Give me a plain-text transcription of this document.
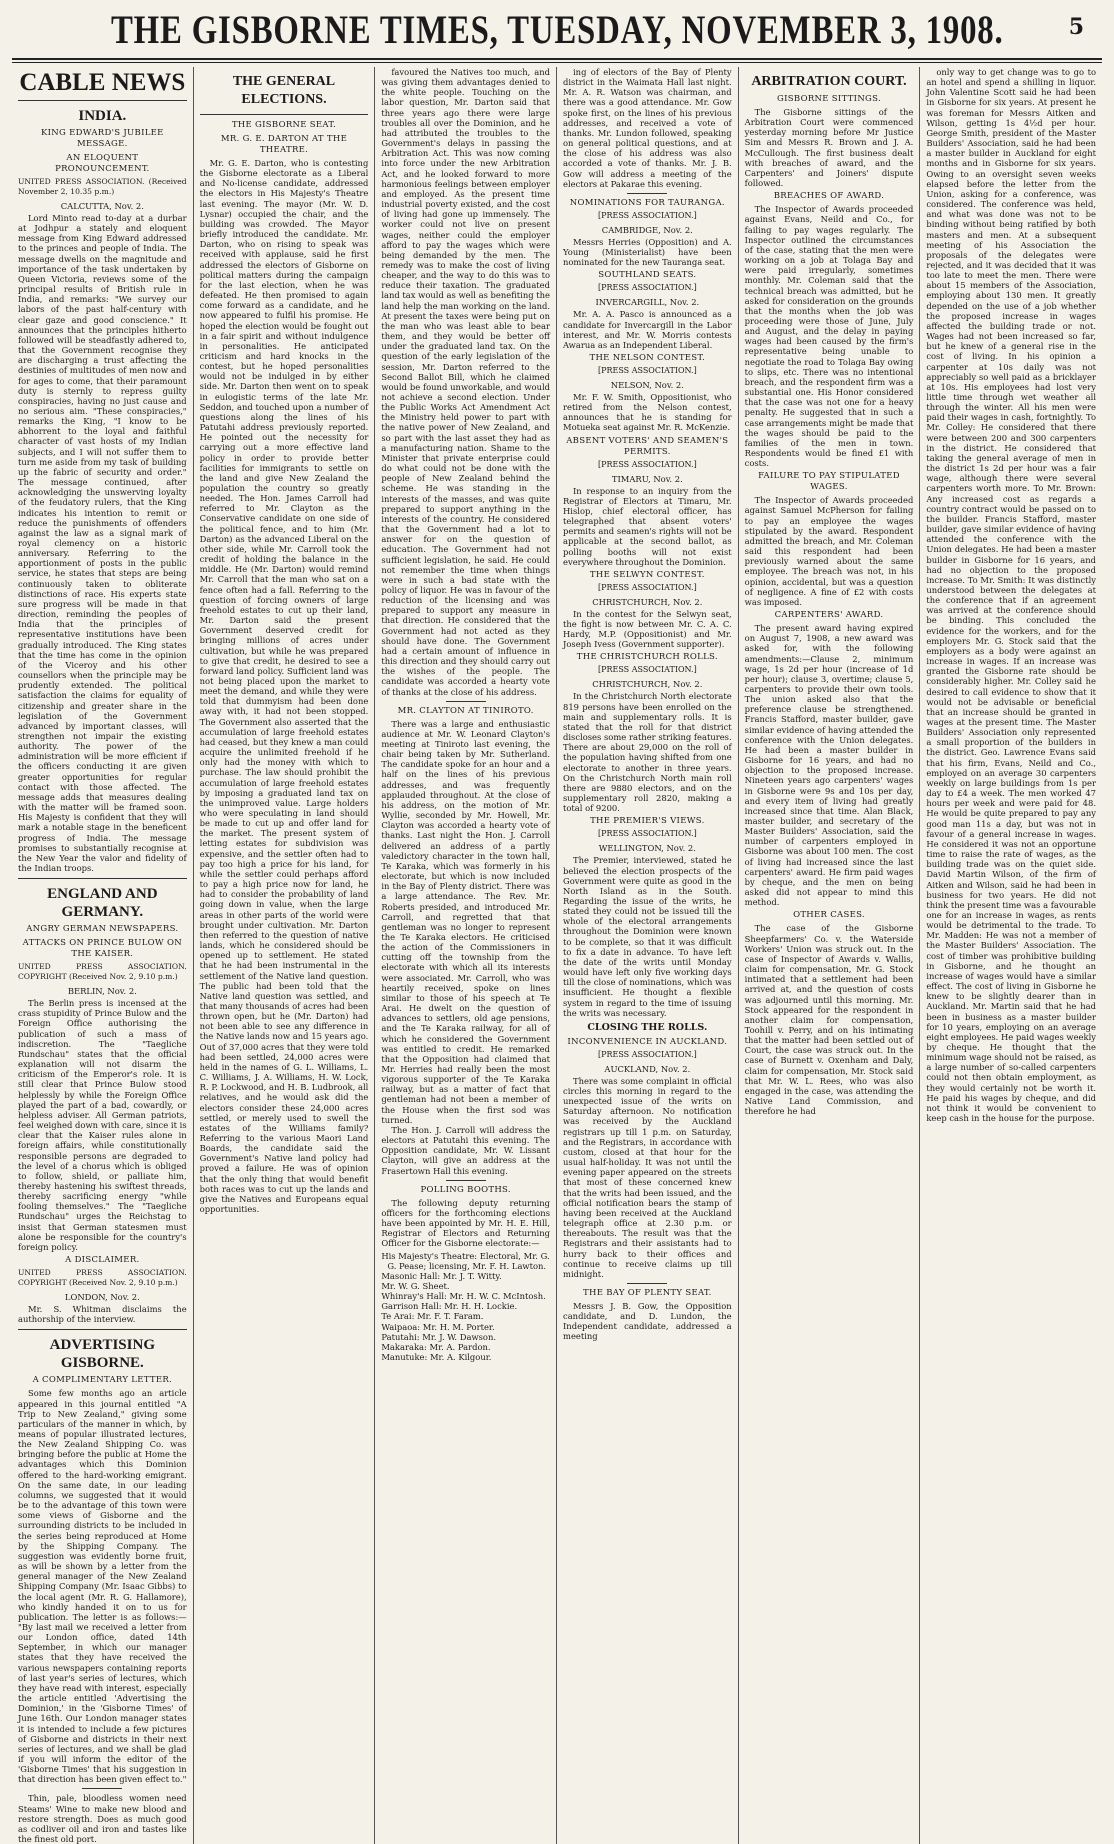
THE GISBORNE TIMES, TUESDAY, NOVEMBER 3, 1908.	5
CABLE NEWS
INDIA.
KING EDWARD'S JUBILEE MESSAGE.
AN ELOQUENT PRONOUNCEMENT.

UNITED PRESS ASSOCIATION. (Received November 2, 10.35 p.m.)

CALCUTTA, Nov. 2.

Lord Minto read to-day at a durbar at Jodhpur a stately and eloquent message from King Edward addressed to the princes and people of India. The message dwells on the magnitude and importance of the task undertaken by Queen Victoria, reviews some of the principal results of British rule in India, and remarks: "We survey our labors of the past half-century with clear gaze and good conscience." It announces that the principles hitherto followed will be steadfastly adhered to, that the Government recognise they are discharging a trust affecting the destinies of multitudes of men now and for ages to come, that their paramount duty is sternly to repress guilty conspiracies, having no just cause and no serious aim. "These conspiracies," remarks the King, "I know to be abhorrent to the loyal and faithful character of vast hosts of my Indian subjects, and I will not suffer them to turn me aside from my task of building up the fabric of security and order." The message continued, after acknowledging the unswerving loyalty of the feudatory rulers, that the King indicates his intention to remit or reduce the punishments of offenders against the law as a signal mark of royal clemency on a historic anniversary. Referring to the apportionment of posts in the public service, he states that steps are being continuously taken to obliterate distinctions of race. His experts state sure progress will be made in that direction, reminding the peoples of India that the principles of representative institutions have been gradually introduced. The King states that the time has come in the opinion of the Viceroy and his other counsellors when the principle may be prudently extended. The political satisfaction the claims for equality of citizenship and greater share in the legislation of the Government advanced by important classes, will strengthen not impair the existing authority. The power of the administration will be more efficient if the officers conducting it are given greater opportunities for regular contact with those affected. The message adds that measures dealing with the matter will be framed soon. His Majesty is confident that they will mark a notable stage in the beneficent progress of India. The message promises to substantially recognise at the New Year the valor and fidelity of the Indian troops.

ENGLAND AND GERMANY.
ANGRY GERMAN NEWSPAPERS.
ATTACKS ON PRINCE BULOW ON THE KAISER.

UNITED PRESS ASSOCIATION. COPYRIGHT (Received Nov. 2, 9.10 p.m.)

BERLIN, Nov. 2.

The Berlin press is incensed at the crass stupidity of Prince Bulow and the Foreign Office authorising the publication of such a mass of indiscretion. The "Taegliche Rundschau" states that the official explanation will not disarm the criticism of the Emperor's role. It is still clear that Prince Bulow stood helplessly by while the Foreign Office played the part of a bad, cowardly, or helpless adviser. All German patriots, feel weighed down with care, since it is clear that the Kaiser rules alone in foreign affairs, while constitutionally responsible persons are degraded to the level of a chorus which is obliged to follow, shield, or palliate him, thereby hastening his swiftest threads, thereby sacrificing energy "while fooling themselves." The "Taegliche Rundschau" urges the Reichstag to insist that German statesmen must alone be responsible for the country's foreign policy.

A DISCLAIMER.

UNITED PRESS ASSOCIATION. COPYRIGHT (Received Nov. 2, 9.10 p.m.)

LONDON, Nov. 2.

Mr. S. Whitman disclaims the authorship of the interview.

ADVERTISING GISBORNE.
A COMPLIMENTARY LETTER.

Some few months ago an article appeared in this journal entitled "A Trip to New Zealand," giving some particulars of the manner in which, by means of popular illustrated lectures, the New Zealand Shipping Co. was bringing before the public at Home the advantages which this Dominion offered to the hard-working emigrant. On the same date, in our leading columns, we suggested that it would be to the advantage of this town were some views of Gisborne and the surrounding districts to be included in the series being reproduced at Home by the Shipping Company. The suggestion was evidently borne fruit, as will be shown by a letter from the general manager of the New Zealand Shipping Company (Mr. Isaac Gibbs) to the local agent (Mr. R. G. Hallamore), who kindly handed it on to us for publication. The letter is as follows:— "By last mail we received a letter from our London office, dated 14th September, in which our manager states that they have received the various newspapers containing reports of last year's series of lectures, which they have read with interest, especially the article entitled 'Advertising the Dominion,' in the 'Gisborne Times' of June 16th. Our London manager states it is intended to include a few pictures of Gisborne and districts in their next series of lectures, and we shall be glad if you will inform the editor of the 'Gisborne Times' that his suggestion in that direction has been given effect to."

Thin, pale, bloodless women need Steams' Wine to make new blood and restore strength. Does as much good as codliver oil and iron and tastes like the finest old port.

THE GENERAL ELECTIONS.
THE GISBORNE SEAT.
MR. G. E. DARTON AT THE THEATRE.

Mr. G. E. Darton, who is contesting the Gisborne electorate as a Liberal and No-license candidate, addressed the electors in His Majesty's Theatre last evening. The mayor (Mr. W. D. Lysnar) occupied the chair, and the building was crowded. The Mayor briefly introduced the candidate. Mr. Darton, who on rising to speak was received with applause, said he first addressed the electors of Gisborne on political matters during the campaign for the last election, when he was defeated. He then promised to again come forward as a candidate, and he now appeared to fulfil his promise. He hoped the election would be fought out in a fair spirit and without indulgence in personalities. He anticipated criticism and hard knocks in the contest, but he hoped personalities would not be indulged in by either side. Mr. Darton then went on to speak in eulogistic terms of the late Mr. Seddon, and touched upon a number of questions along the lines of his Patutahi address previously reported. He pointed out the necessity for carrying out a more effective land policy in order to provide better facilities for immigrants to settle on the land and give New Zealand the population the country so greatly needed. The Hon. James Carroll had referred to Mr. Clayton as the Conservative candidate on one side of the political fence, and to him (Mr. Darton) as the advanced Liberal on the other side, while Mr. Carroll took the credit of holding the balance in the middle. He (Mr. Darton) would remind Mr. Carroll that the man who sat on a fence often had a fall. Referring to the question of forcing owners of large freehold estates to cut up their land, Mr. Darton said the present Government deserved credit for bringing millions of acres under cultivation, but while he was prepared to give that credit, he desired to see a forward land policy. Sufficient land was not being placed upon the market to meet the demand, and while they were told that dummyism had been done away with, it had not been stopped. The Government also asserted that the accumulation of large freehold estates had ceased, but they knew a man could acquire the unlimited freehold if he only had the money with which to purchase. The law should prohibit the accumulation of large freehold estates by imposing a graduated land tax on the unimproved value. Large holders who were speculating in land should be made to cut up and offer land for the market. The present system of letting estates for subdivision was expensive, and the settler often had to pay too high a price for his land, for while the settler could perhaps afford to pay a high price now for land, he had to consider the probability of land going down in value, when the large areas in other parts of the world were brought under cultivation. Mr. Darton then referred to the question of native lands, which he considered should be opened up to settlement. He stated that he had been instrumental in the settlement of the Native land question. The public had been told that the Native land question was settled, and that many thousands of acres had been thrown open, but he (Mr. Darton) had not been able to see any difference in the Native lands now and 15 years ago. Out of 37,000 acres that they were told had been settled, 24,000 acres were held in the names of G. L. Williams, L. C. Williams, J. A. Williams, H. W. Lock, R. P. Lockwood, and H. B. Ludbrook, all relatives, and he would ask did the electors consider these 24,000 acres settled, or merely used to swell the estates of the Williams family? Referring to the various Maori Land Boards, the candidate said the Government's Native land policy had proved a failure. He was of opinion that the only thing that would benefit both races was to cut up the lands and give the Natives and Europeans equal opportunities.

favoured the Natives too much, and was giving them advantages denied to the white people. Touching on the labor question, Mr. Darton said that three years ago there were large troubles all over the Dominion, and he had attributed the troubles to the Government's delays in passing the Arbitration Act. This was now coming into force under the new Arbitration Act, and he looked forward to more harmonious feelings between employer and employed. As the present time industrial poverty existed, and the cost of living had gone up immensely. The worker could not live on present wages, neither could the employer afford to pay the wages which were being demanded by the men. The remedy was to make the cost of living cheaper, and the way to do this was to reduce their taxation. The graduated land tax would as well as benefiting the land help the man working on the land. At present the taxes were being put on the man who was least able to bear them, and they would be better off under the graduated land tax. On the question of the early legislation of the session, Mr. Darton referred to the Second Ballot Bill, which he claimed would be found unworkable, and would not achieve a second election. Under the Public Works Act Amendment Act the Ministry held power to part with the native power of New Zealand, and so part with the last asset they had as a manufacturing nation. Shame to the Minister that private enterprise could do what could not be done with the people of New Zealand behind the scheme. He was standing in the interests of the masses, and was quite prepared to support anything in the interests of the country. He considered that the Government had a lot to answer for on the question of education. The Government had not sufficient legislation, he said. He could not remember the time when things were in such a bad state with the policy of liquor. He was in favour of the reduction of the licensing and was prepared to support any measure in that direction. He considered that the Government had not acted as they should have done. The Government had a certain amount of influence in this direction and they should carry out the wishes of the people. The candidate was accorded a hearty vote of thanks at the close of his address.

MR. CLAYTON AT TINIROTO.

There was a large and enthusiastic audience at Mr. W. Leonard Clayton's meeting at Tiniroto last evening, the chair being taken by Mr. Sutherland. The candidate spoke for an hour and a half on the lines of his previous addresses, and was frequently applauded throughout. At the close of his address, on the motion of Mr. Wyllie, seconded by Mr. Howell, Mr. Clayton was accorded a hearty vote of thanks. Last night the Hon. J. Carroll delivered an address of a partly valedictory character in the town hall, Te Karaka, which was formerly in his electorate, but which is now included in the Bay of Plenty district. There was a large attendance. The Rev. Mr. Roberts presided, and introduced Mr. Carroll, and regretted that that gentleman was no longer to represent the Te Karaka electors. He criticised the action of the Commissioners in cutting off the township from the electorate with which all its interests were associated. Mr. Carroll, who was heartily received, spoke on lines similar to those of his speech at Te Arai. He dwelt on the question of advances to settlers, old age pensions, and the Te Karaka railway, for all of which he considered the Government was entitled to credit. He remarked that the Opposition had claimed that Mr. Herries had really been the most vigorous supporter of the Te Karaka railway, but as a matter of fact that gentleman had not been a member of the House when the first sod was turned.

The Hon. J. Carroll will address the electors at Patutahi this evening. The Opposition candidate, Mr. W. Lissant Clayton, will give an address at the Frasertown Hall this evening.

POLLING BOOTHS.

The following deputy returning officers for the forthcoming elections have been appointed by Mr. H. E. Hill, Registrar of Electors and Returning Officer for the Gisborne electorate:—

His Majesty's Theatre: Electoral, Mr. G. G. Pease; licensing, Mr. F. H. Lawton.
Masonic Hall: Mr. J. T. Witty.
Mr. W. G. Sheet.
Whinray's Hall: Mr. H. W. C. McIntosh.
Garrison Hall: Mr. H. H. Lockie.
Te Arai: Mr. F. T. Faram.
Waipaoa: Mr. H. M. Porter.
Patutahi: Mr. J. W. Dawson.
Makaraka: Mr. A. Pardon.
Manutuke: Mr. A. Kilgour.

ing of electors of the Bay of Plenty district in the Waimata Hall last night. Mr. A. R. Watson was chairman, and there was a good attendance. Mr. Gow spoke first, on the lines of his previous addresses, and received a vote of thanks. Mr. Lundon followed, speaking on general political questions, and at the close of his address was also accorded a vote of thanks. Mr. J. B. Gow will address a meeting of the electors at Pakarae this evening.

NOMINATIONS FOR TAURANGA.
[PRESS ASSOCIATION.]
CAMBRIDGE, Nov. 2.

Messrs Herries (Opposition) and A. Young (Ministerialist) have been nominated for the new Tauranga seat.

SOUTHLAND SEATS.
[PRESS ASSOCIATION.]
INVERCARGILL, Nov. 2.

Mr. A. A. Pasco is announced as a candidate for Invercargill in the Labor interest, and Mr. W. Morris contests Awarua as an Independent Liberal.

THE NELSON CONTEST.
[PRESS ASSOCIATION.]
NELSON, Nov. 2.

Mr. F. W. Smith, Oppositionist, who retired from the Nelson contest, announces that he is standing for Motueka seat against Mr. R. McKenzie.

ABSENT VOTERS' AND SEAMEN'S PERMITS.
[PRESS ASSOCIATION.]
TIMARU, Nov. 2.

In response to an inquiry from the Registrar of Electors at Timaru, Mr. Hislop, chief electoral officer, has telegraphed that absent voters' permits and seamen's rights will not be applicable at the second ballot, as polling booths will not exist everywhere throughout the Dominion.

THE SELWYN CONTEST.
[PRESS ASSOCIATION.]
CHRISTCHURCH, Nov. 2.

In the contest for the Selwyn seat, the fight is now between Mr. C. A. C. Hardy, M.P. (Oppositionist) and Mr. Joseph Ivess (Government supporter).

THE CHRISTCHURCH ROLLS.
[PRESS ASSOCIATION.]
CHRISTCHURCH, Nov. 2.

In the Christchurch North electorate 819 persons have been enrolled on the main and supplementary rolls. It is stated that the roll for that district discloses some rather striking features. There are about 29,000 on the roll of the population having shifted from one electorate to another in three years. On the Christchurch North main roll there are 9880 electors, and on the supplementary roll 2820, making a total of 9200.

THE PREMIER'S VIEWS.
[PRESS ASSOCIATION.]
WELLINGTON, Nov. 2.

The Premier, interviewed, stated he believed the election prospects of the Government were quite as good in the North Island as in the South. Regarding the issue of the writs, he stated they could not be issued till the whole of the electoral arrangements throughout the Dominion were known to be complete, so that it was difficult to fix a date in advance. To have left the date of the writs until Monday would have left only five working days till the close of nominations, which was insufficient. He thought a flexible system in regard to the time of issuing the writs was necessary.

CLOSING THE ROLLS.
INCONVENIENCE IN AUCKLAND.
[PRESS ASSOCIATION.]
AUCKLAND, Nov. 2.

There was some complaint in official circles this morning in regard to the unexpected issue of the writs on Saturday afternoon. No notification was received by the Auckland registrars up till 1 p.m. on Saturday, and the Registrars, in accordance with custom, closed at that hour for the usual half-holiday. It was not until the evening paper appeared on the streets that most of these concerned knew that the writs had been issued, and the official notification bears the stamp of having been received at the Auckland telegraph office at 2.30 p.m. or thereabouts. The result was that the Registrars and their assistants had to hurry back to their offices and continue to receive claims up till midnight.

THE BAY OF PLENTY SEAT.

Messrs J. B. Gow, the Opposition candidate, and D. Lundon, the Independent candidate, addressed a meeting

ARBITRATION COURT.
GISBORNE SITTINGS.

The Gisborne sittings of the Arbitration Court were commenced yesterday morning before Mr Justice Sim and Messrs R. Brown and J. A. McCullough. The first business dealt with breaches of award, and the Carpenters' and Joiners' dispute followed.

BREACHES OF AWARD.

The Inspector of Awards proceeded against Evans, Neild and Co., for failing to pay wages regularly. The Inspector outlined the circumstances of the case, stating that the men were working on a job at Tolaga Bay and were paid irregularly, sometimes monthly. Mr. Coleman said that the technical breach was admitted, but he asked for consideration on the grounds that the months when the job was proceeding were those of June, July and August, and the delay in paying wages had been caused by the firm's representative being unable to negotiate the road to Tolaga Bay owing to slips, etc. There was no intentional breach, and the respondent firm was a substantial one. His Honor considered that the case was not one for a heavy penalty. He suggested that in such a case arrangements might be made that the wages should be paid to the families of the men in town. Respondents would be fined £1 with costs.

FAILURE TO PAY STIPULATED WAGES.

The Inspector of Awards proceeded against Samuel McPherson for failing to pay an employee the wages stipulated by the award. Respondent admitted the breach, and Mr. Coleman said this respondent had been previously warned about the same employee. The breach was not, in his opinion, accidental, but was a question of negligence. A fine of £2 with costs was imposed.

CARPENTERS' AWARD.

The present award having expired on August 7, 1908, a new award was asked for, with the following amendments:—Clause 2, minimum wage, 1s 2d per hour (increase of 1d per hour); clause 3, overtime; clause 5, carpenters to provide their own tools. The union asked also that the preference clause be strengthened. Francis Stafford, master builder, gave similar evidence of having attended the conference with the Union delegates. He had been a master builder in Gisborne for 16 years, and had no objection to the proposed increase. Nineteen years ago carpenters' wages in Gisborne were 9s and 10s per day, and every item of living had greatly increased since that time. Alan Black, master builder, and secretary of the Master Builders' Association, said the number of carpenters employed in Gisborne was about 100 men. The cost of living had increased since the last carpenters' award. He firm paid wages by cheque, and the men on being asked did not appear to mind this method.

OTHER CASES.

The case of the Gisborne Sheepfarmers' Co. v. the Waterside Workers' Union was struck out. In the case of Inspector of Awards v. Wallis, claim for compensation, Mr. G. Stock intimated that a settlement had been arrived at, and the question of costs was adjourned until this morning. Mr. Stock appeared for the respondent in another claim for compensation, Toohill v. Perry, and on his intimating that the matter had been settled out of Court, the case was struck out. In the case of Burnett v. Oxenham and Daly, claim for compensation, Mr. Stock said that Mr. W. L. Rees, who was also engaged in the case, was attending the Native Land Commission, and therefore he had

only way to get change was to go to an hotel and spend a shilling in liquor. John Valentine Scott said he had been in Gisborne for six years. At present he was foreman for Messrs Aitken and Wilson, getting 1s 4½d per hour. George Smith, president of the Master Builders' Association, said he had been a master builder in Auckland for eight months and in Gisborne for six years. Owing to an oversight seven weeks elapsed before the letter from the Union, asking for a conference, was considered. The conference was held, and what was done was not to be binding without being ratified by both masters and men. At a subsequent meeting of his Association the proposals of the delegates were rejected, and it was decided that it was too late to meet the men. There were about 15 members of the Association, employing about 130 men. It greatly depended on the use of a job whether the proposed increase in wages affected the building trade or not. Wages had not been increased so far, but he knew of a general rise in the cost of living. In his opinion a carpenter at 10s daily was not appreciably so well paid as a bricklayer at 10s. His employees had lost very little time through wet weather all through the winter. All his men were paid their wages in cash, fortnightly. To Mr. Colley: He considered that there were between 200 and 300 carpenters in the district. He considered that taking the general average of men in the district 1s 2d per hour was a fair wage, although there were several carpenters worth more. To Mr. Brown: Any increased cost as regards a country contract would be passed on to the builder. Francis Stafford, master builder, gave similar evidence of having attended the conference with the Union delegates. He had been a master builder in Gisborne for 16 years, and had no objection to the proposed increase. To Mr. Smith: It was distinctly understood between the delegates at the conference that if an agreement was arrived at the conference should be binding. This concluded the evidence for the workers, and for the employers Mr. G. Stock said that the employers as a body were against an increase in wages. If an increase was granted the Gisborne rate should be considerably higher. Mr. Colley said he desired to call evidence to show that it would not be advisable or beneficial that an increase should be granted in wages at the present time. The Master Builders' Association only represented a small proportion of the builders in the district. Geo. Lawrence Evans said that his firm, Evans, Neild and Co., employed on an average 30 carpenters weekly on large buildings from 1s per day to £4 a week. The men worked 47 hours per week and were paid for 48. He would be quite prepared to pay any good man 11s a day, but was not in favour of a general increase in wages. He considered it was not an opportune time to raise the rate of wages, as the building trade was on the quiet side. David Martin Wilson, of the firm of Aitken and Wilson, said he had been in business for two years. He did not think the present time was a favourable one for an increase in wages, as rents would be detrimental to the trade. To Mr. Madden: He was not a member of the Master Builders' Association. The cost of timber was prohibitive building in Gisborne, and he thought an increase of wages would have a similar effect. The cost of living in Gisborne he knew to be slightly dearer than in Auckland. Mr. Martin said that he had been in business as a master builder for 10 years, employing on an average eight employees. He paid wages weekly by cheque. He thought that the minimum wage should not be raised, as a large number of so-called carpenters could not then obtain employment, as they would certainly not be worth it. He paid his wages by cheque, and did not think it would be convenient to keep cash in the house for the purpose.
